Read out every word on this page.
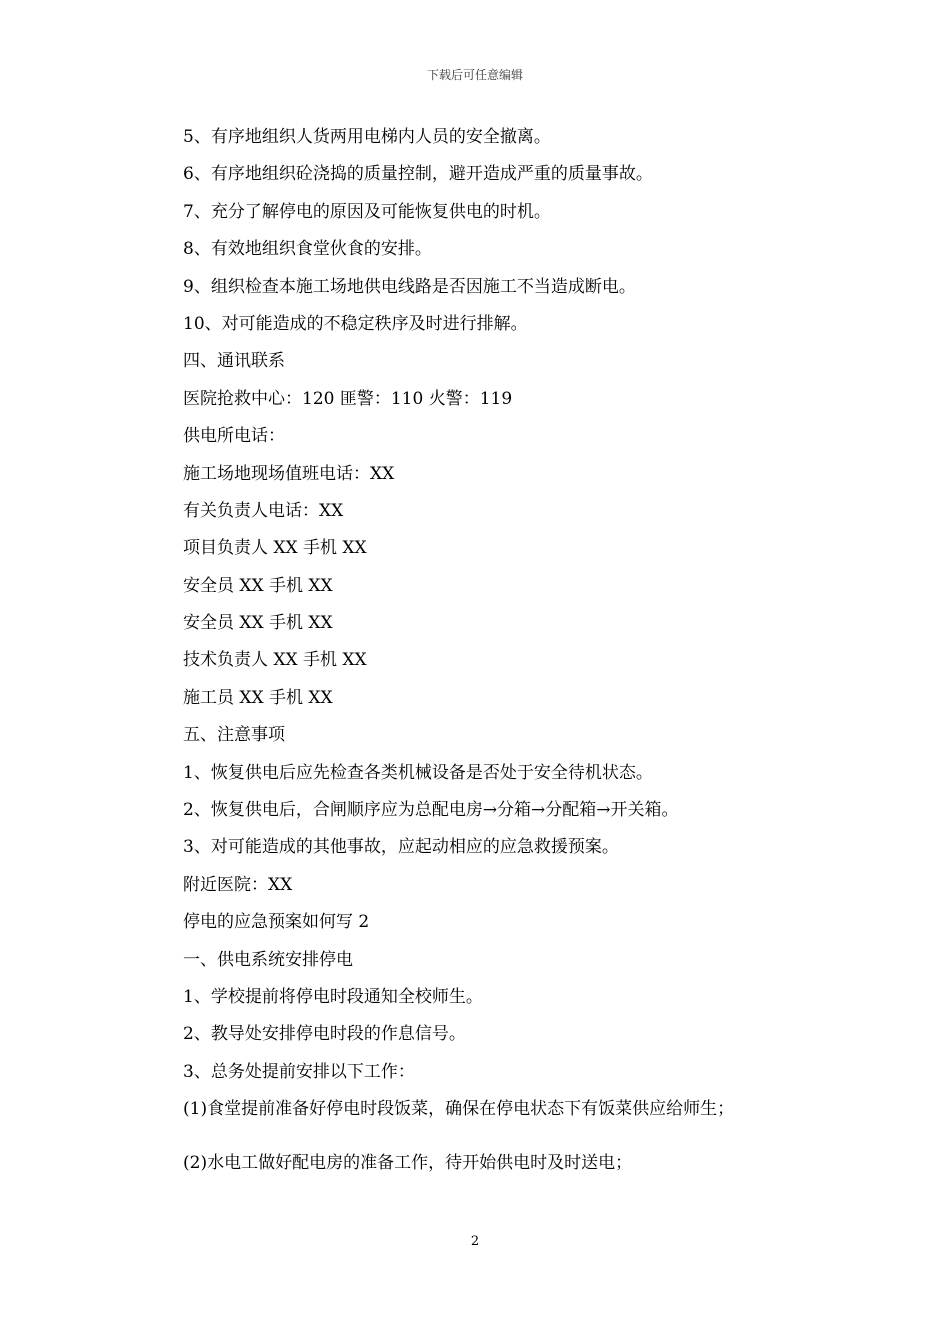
下载后可任意编辑
5、有序地组织人货两用电梯内人员的安全撤离。
6、有序地组织砼浇捣的质量控制，避开造成严重的质量事故。
7、充分了解停电的原因及可能恢复供电的时机。
8、有效地组织食堂伙食的安排。
9、组织检查本施工场地供电线路是否因施工不当造成断电。
10、对可能造成的不稳定秩序及时进行排解。
四、通讯联系
医院抢救中心：120 匪警：110 火警：119
供电所电话：
施工场地现场值班电话：XX
有关负责人电话：XX
项目负责人 XX 手机 XX
安全员 XX 手机 XX
安全员 XX 手机 XX
技术负责人 XX 手机 XX
施工员 XX 手机 XX
五、注意事项
1、恢复供电后应先检查各类机械设备是否处于安全待机状态。
2、恢复供电后，合闸顺序应为总配电房→分箱→分配箱→开关箱。
3、对可能造成的其他事故，应起动相应的应急救援预案。
附近医院：XX
停电的应急预案如何写 2
一、供电系统安排停电
1、学校提前将停电时段通知全校师生。
2、教导处安排停电时段的作息信号。
3、总务处提前安排以下工作：
(1)食堂提前准备好停电时段饭菜，确保在停电状态下有饭菜供应给师生；
(2)水电工做好配电房的准备工作，待开始供电时及时送电；
2
